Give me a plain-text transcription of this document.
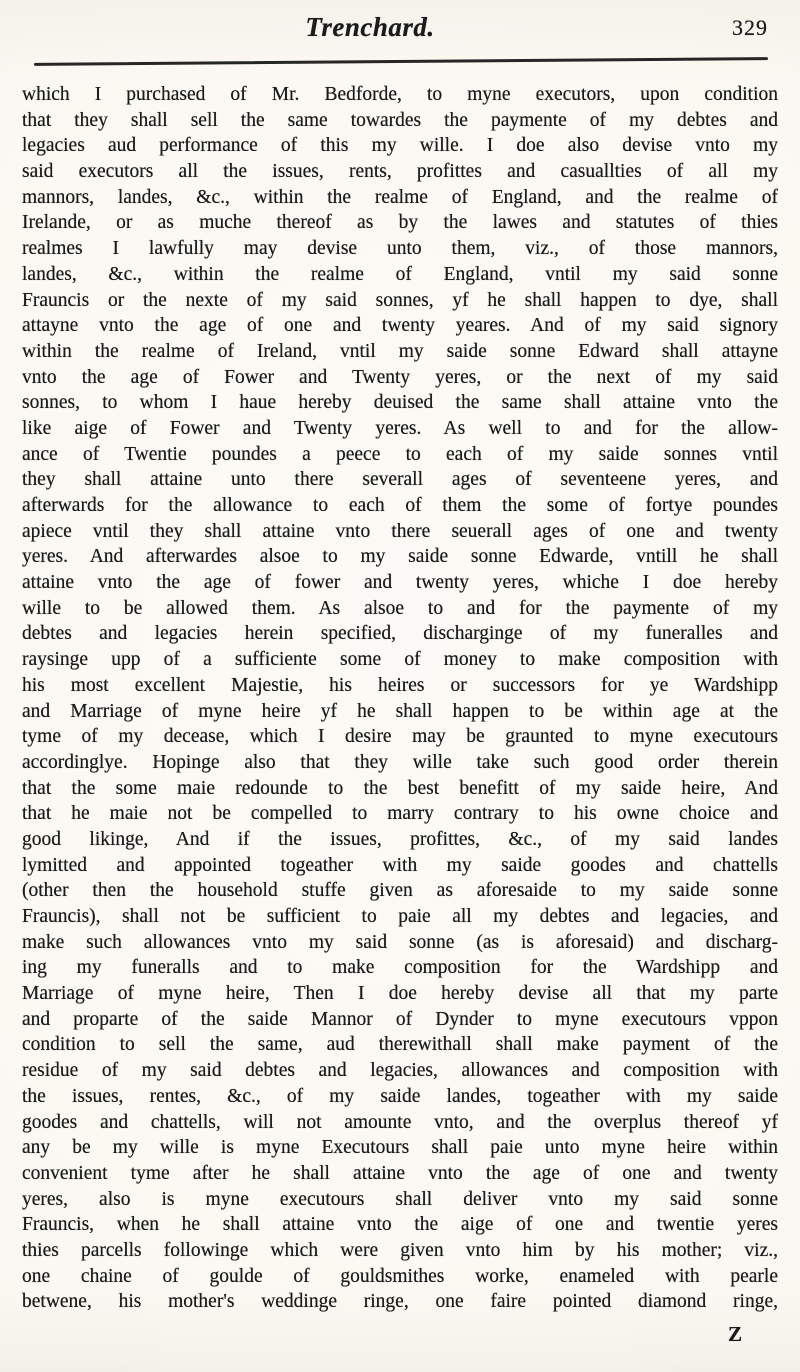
Trenchard.	329
which I purchased of Mr. Bedforde, to myne executors, upon condition
that they shall sell the same towardes the paymente of my debtes and
legacies aud performance of this my wille. I doe also devise vnto my
said executors all the issues, rents, profittes and casuallties of all my
mannors, landes, &c., within the realme of England, and the realme of
Irelande, or as muche thereof as by the lawes and statutes of thies
realmes I lawfully may devise unto them, viz., of those mannors,
landes, &c., within the realme of England, vntil my said sonne
Frauncis or the nexte of my said sonnes, yf he shall happen to dye, shall
attayne vnto the age of one and twenty yeares. And of my said signory
within the realme of Ireland, vntil my saide sonne Edward shall attayne
vnto the age of Fower and Twenty yeres, or the next of my said
sonnes, to whom I haue hereby deuised the same shall attaine vnto the
like aige of Fower and Twenty yeres. As well to and for the allow-
ance of Twentie poundes a peece to each of my saide sonnes vntil
they shall attaine unto there severall ages of seventeene yeres, and
afterwards for the allowance to each of them the some of fortye poundes
apiece vntil they shall attaine vnto there seuerall ages of one and twenty
yeres. And afterwardes alsoe to my saide sonne Edwarde, vntill he shall
attaine vnto the age of fower and twenty yeres, whiche I doe hereby
wille to be allowed them. As alsoe to and for the paymente of my
debtes and legacies herein specified, discharginge of my funeralles and
raysinge upp of a sufficiente some of money to make composition with
his most excellent Majestie, his heires or successors for ye Wardshipp
and Marriage of myne heire yf he shall happen to be within age at the
tyme of my decease, which I desire may be graunted to myne executours
accordinglye. Hopinge also that they wille take such good order therein
that the some maie redounde to the best benefitt of my saide heire, And
that he maie not be compelled to marry contrary to his owne choice and
good likinge, And if the issues, profittes, &c., of my said landes
lymitted and appointed togeather with my saide goodes and chattells
(other then the household stuffe given as aforesaide to my saide sonne
Frauncis), shall not be sufficient to paie all my debtes and legacies, and
make such allowances vnto my said sonne (as is aforesaid) and discharg-
ing my funeralls and to make composition for the Wardshipp and
Marriage of myne heire, Then I doe hereby devise all that my parte
and proparte of the saide Mannor of Dynder to myne executours vppon
condition to sell the same, aud therewithall shall make payment of the
residue of my said debtes and legacies, allowances and composition with
the issues, rentes, &c., of my saide landes, togeather with my saide
goodes and chattells, will not amounte vnto, and the overplus thereof yf
any be my wille is myne Executours shall paie unto myne heire within
convenient tyme after he shall attaine vnto the age of one and twenty
yeres, also is myne executours shall deliver vnto my said sonne
Frauncis, when he shall attaine vnto the aige of one and twentie yeres
thies parcells followinge which were given vnto him by his mother; viz.,
one chaine of goulde of gouldsmithes worke, enameled with pearle
betwene, his mother's weddinge ringe, one faire pointed diamond ringe,
Z
